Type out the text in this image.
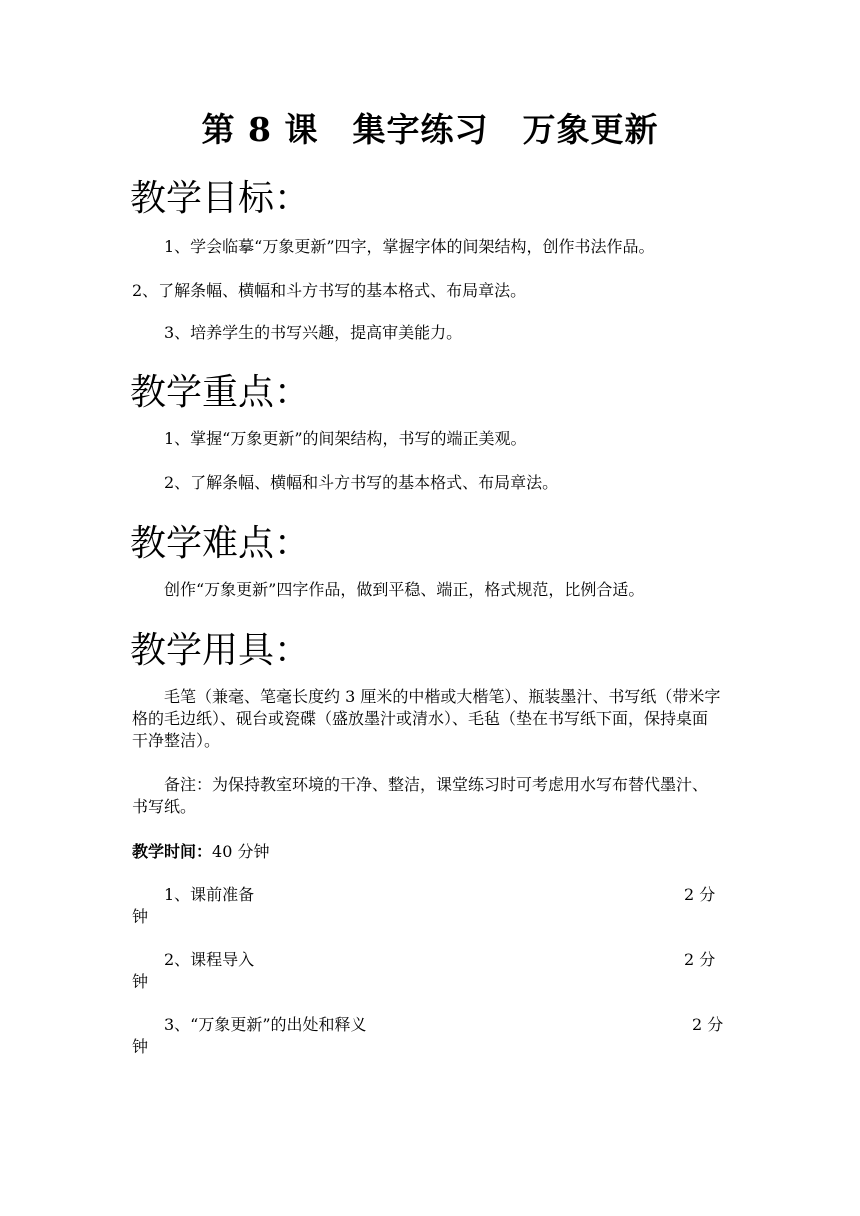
第 8 课　集字练习　万象更新
教学目标：
1、学会临摹“万象更新”四字，掌握字体的间架结构，创作书法作品。
2、了解条幅、横幅和斗方书写的基本格式、布局章法。
3、培养学生的书写兴趣，提高审美能力。
教学重点：
1、掌握“万象更新”的间架结构，书写的端正美观。
2、了解条幅、横幅和斗方书写的基本格式、布局章法。
教学难点：
创作“万象更新”四字作品，做到平稳、端正，格式规范，比例合适。
教学用具：
毛笔（兼毫、笔毫长度约 3 厘米的中楷或大楷笔）、瓶装墨汁、书写纸（带米字格的毛边纸）、砚台或瓷碟（盛放墨汁或清水）、毛毡（垫在书写纸下面，保持桌面干净整洁）。
备注：为保持教室环境的干净、整洁，课堂练习时可考虑用水写布替代墨汁、书写纸。
教学时间：40 分钟
1、课前准备	2 分
钟
2、课程导入	2 分
钟
3、“万象更新”的出处和释义	2 分
钟
